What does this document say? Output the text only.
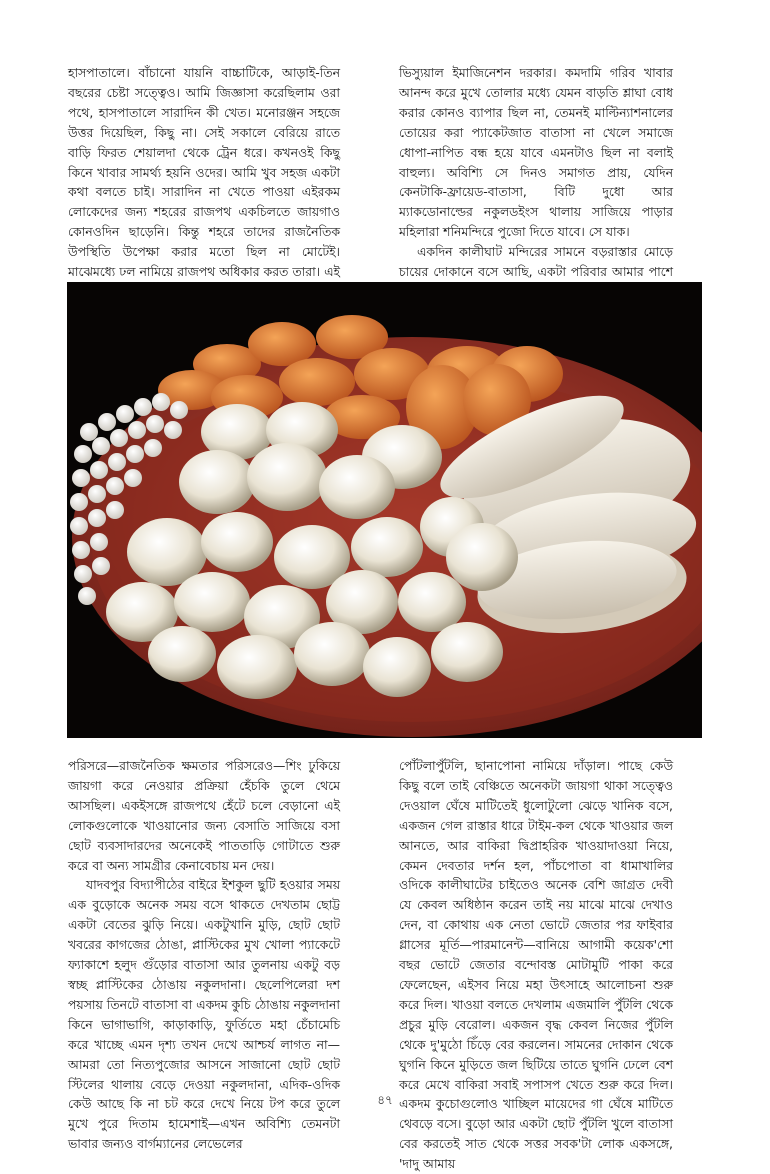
হাসপাতালে। বাঁচানো যায়নি বাচ্চাটিকে, আড়াই-তিন বছরের চেষ্টা সত্ত্বেও। আমি জিজ্ঞাসা করেছিলাম ওরা পথে, হাসপাতালে সারাদিন কী খেত। মনোরঞ্জন সহজে উত্তর দিয়েছিল, কিছু না। সেই সকালে বেরিয়ে রাতে বাড়ি ফিরত শেয়ালদা থেকে ট্রেন ধরে। কখনওই কিছু কিনে খাবার সামর্থ্য হয়নি ওদের। আমি খুব সহজ একটা কথা বলতে চাই। সারাদিন না খেতে পাওয়া এইরকম লোকেদের জন্য শহরের রাজপথ একচিলতে জায়গাও কোনওদিন ছাড়েনি। কিন্তু শহরে তাদের রাজনৈতিক উপস্থিতি উপেক্ষা করার মতো ছিল না মোটেই। মাঝেমধ্যে ঢল নামিয়ে রাজপথ অধিকার করত তারা। এই

ভিস্যুয়াল ইমাজিনেশন দরকার। কমদামি গরিব খাবার আনন্দ করে মুখে তোলার মধ্যে যেমন বাড়তি শ্লাঘা বোধ করার কোনও ব্যাপার ছিল না, তেমনই মাল্টিন্যাশনালের তোয়ের করা প্যাকেটজাত বাতাসা না খেলে সমাজে ধোপা-নাপিত বন্ধ হয়ে যাবে এমনটাও ছিল না বলাই বাহুল্য। অবিশ্যি সে দিনও সমাগত প্রায়, যেদিন কেনটাকি-ফ্রায়েড-বাতাসা, বিটি দুধো আর ম্যাকডোনাল্ডের নকুলডইংস থালায় সাজিয়ে পাড়ার মহিলারা শনিমন্দিরে পুজো দিতে যাবে। সে যাক।

একদিন কালীঘাট মন্দিরের সামনে বড়রাস্তার মোড়ে চায়ের দোকানে বসে আছি, একটা পরিবার আমার পাশে

পরিসরে—রাজনৈতিক ক্ষমতার পরিসরেও—শিং ঢুকিয়ে জায়গা করে নেওয়ার প্রক্রিয়া হেঁচকি তুলে থেমে আসছিল। একইসঙ্গে রাজপথে হেঁটে চলে বেড়ানো এই লোকগুলোকে খাওয়ানোর জন্য বেসাতি সাজিয়ে বসা ছোট ব্যবসাদারদের অনেকেই পাততাড়ি গোটাতে শুরু করে বা অন্য সামগ্রীর কেনাবেচায় মন দেয়।

যাদবপুর বিদ্যাপীঠের বাইরে ইশকুল ছুটি হওয়ার সময় এক বুড়োকে অনেক সময় বসে থাকতে দেখতাম ছোট্ট একটা বেতের ঝুড়ি নিয়ে। একটুখানি মুড়ি, ছোট ছোট খবরের কাগজের ঠোঙা, প্লাস্টিকের মুখ খোলা প্যাকেটে ফ্যাকাশে হলুদ গুঁড়োর বাতাসা আর তুলনায় একটু বড় স্বচ্ছ প্লাস্টিকের ঠোঙায় নকুলদানা। ছেলেপিলেরা দশ পয়সায় তিনটে বাতাসা বা একদম কুচি ঠোঙায় নকুলদানা কিনে ভাগাভাগি, কাড়াকাড়ি, ফুর্তিতে মহা চেঁচামেচি করে খাচ্ছে এমন দৃশ্য তখন দেখে আশ্চর্য লাগত না—আমরা তো নিত্যপুজোর আসনে সাজানো ছোট ছোট স্টিলের থালায় বেড়ে দেওয়া নকুলদানা, এদিক-ওদিক কেউ আছে কি না চট করে দেখে নিয়ে টপ করে তুলে মুখে পুরে দিতাম হামেশাই—এখন অবিশ্যি তেমনটা ভাবার জন্যও বার্গম্যানের লেভেলের

পোঁটলাপুঁটলি, ছানাপোনা নামিয়ে দাঁড়াল। পাছে কেউ কিছু বলে তাই বেঞ্চিতে অনেকটা জায়গা থাকা সত্ত্বেও দেওয়াল ঘেঁষে মাটিতেই ধুলোটুলো ঝেড়ে খানিক বসে, একজন গেল রাস্তার ধারে টাইম-কল থেকে খাওয়ার জল আনতে, আর বাকিরা দ্বিপ্রাহরিক খাওয়াদাওয়া নিয়ে, কেমন দেবতার দর্শন হল, পাঁচপোতা বা ধামাখালির ওদিকে কালীঘাটের চাইতেও অনেক বেশি জাগ্রত দেবী যে কেবল অধিষ্ঠান করেন তাই নয় মাঝে মাঝে দেখাও দেন, বা কোথায় এক নেতা ভোটে জেতার পর ফাইবার গ্লাসের মূর্তি—পারমানেন্ট—বানিয়ে আগামী কয়েক'শো বছর ভোটে জেতার বন্দোবস্ত মোটামুটি পাকা করে ফেলেছেন, এইসব নিয়ে মহা উৎসাহে আলোচনা শুরু করে দিল। খাওয়া বলতে দেখলাম এজমালি পুঁটলি থেকে প্রচুর মুড়ি বেরোল। একজন বৃদ্ধ কেবল নিজের পুঁটলি থেকে দু'মুঠো চিঁড়ে বের করলেন। সামনের দোকান থেকে ঘুগনি কিনে মুড়িতে জল ছিটিয়ে তাতে ঘুগনি ঢেলে বেশ করে মেখে বাকিরা সবাই সপাসপ খেতে শুরু করে দিল। একদম কুচোগুলোও খাচ্ছিল মায়েদের গা ঘেঁষে মাটিতে থেবড়ে বসে। বুড়ো আর একটা ছোট পুঁটলি খুলে বাতাসা বের করতেই সাত থেকে সত্তর সবক'টা লোক একসঙ্গে, 'দাদু আমায়

৪৭
